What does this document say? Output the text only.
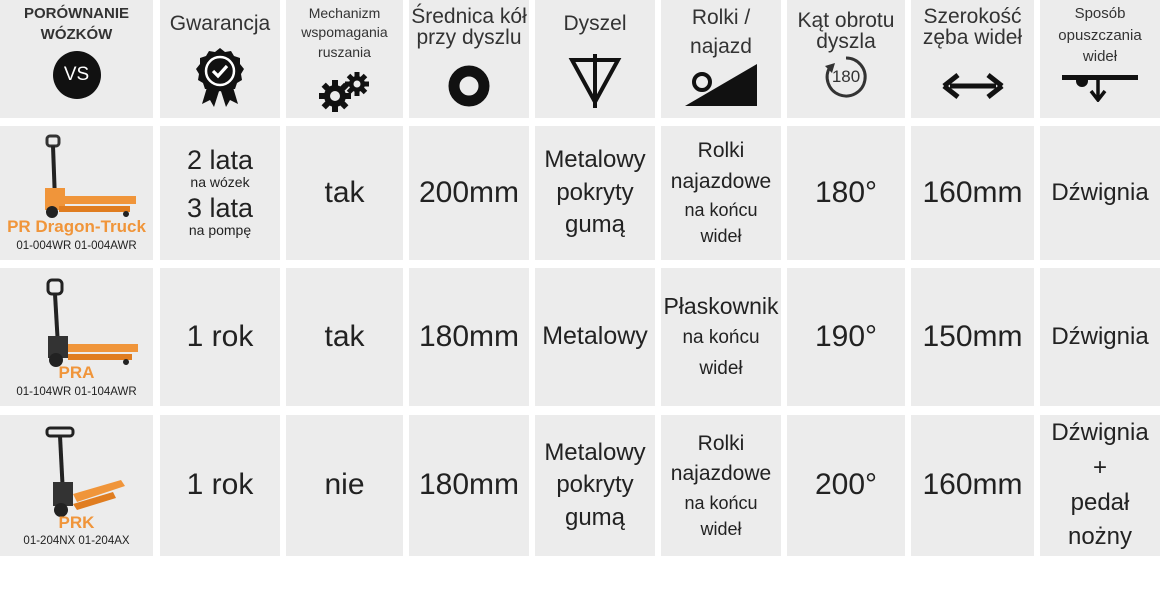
PORÓWNANIE
WÓZKÓW
VS
Gwarancja	Mechanizm
wspomagania
ruszania
Średnica kół
przy dyszlu
Dyszel	Rolki /
najazd
Kąt obrotu
dyszla
180
Szerokość
zęba wideł
Sposób
opuszczania
wideł
PR Dragon-Truck
01-004WR 01-004AWR
2 lata
na wózek
3 lata
na pompę
tak 200mm
Metalowy
pokryty
gumą
Rolki
najazdowe
na końcu
wideł
180° 160mm Dźwignia
PRA
01-104WR 01-104AWR
1 rok tak 180mm Metalowy
Płaskownik
na końcu
wideł
190° 150mm Dźwignia
PRK
01-204NX 01-204AX
1 rok nie 180mm
Metalowy
pokryty
gumą
Rolki
najazdowe
na końcu
wideł
200° 160mm
Dźwignia
+
pedał
nożny
